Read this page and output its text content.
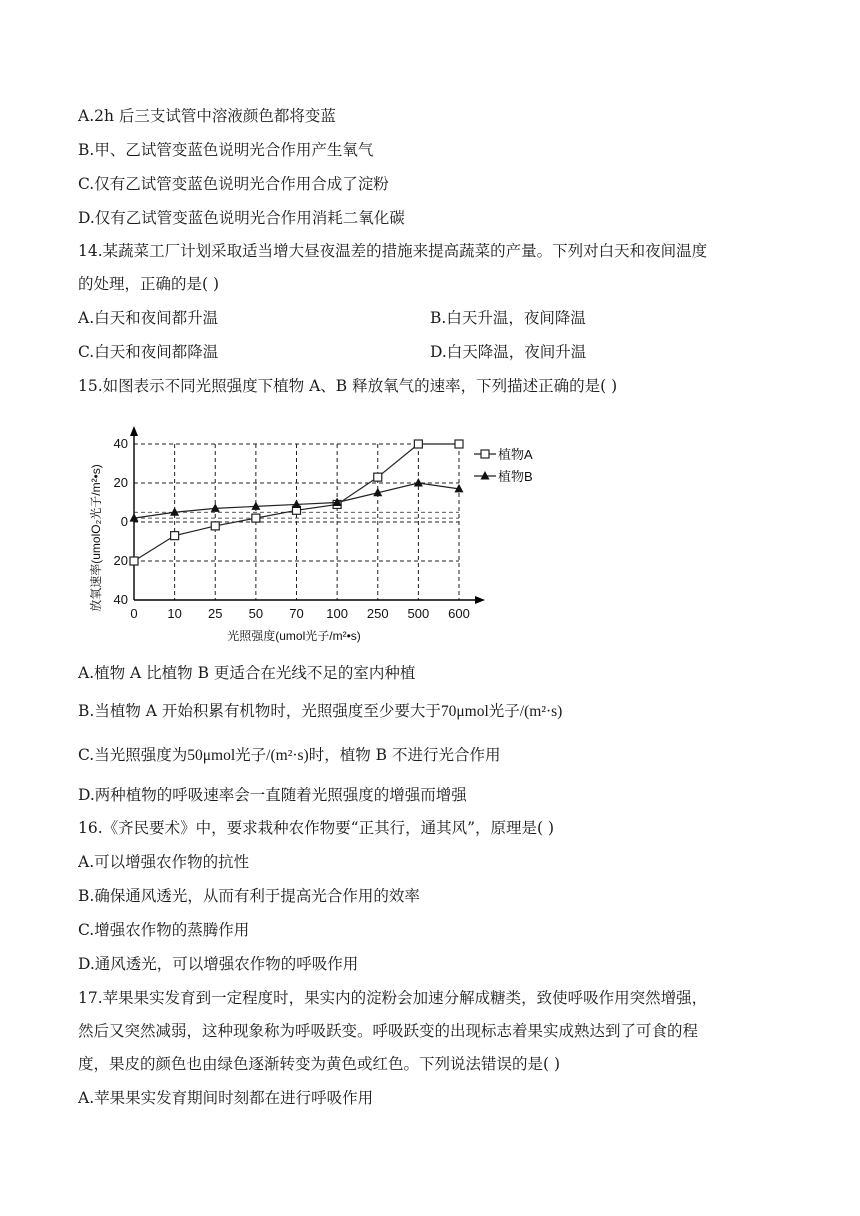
A.2h 后三支试管中溶液颜色都将变蓝
B.甲、乙试管变蓝色说明光合作用产生氧气
C.仅有乙试管变蓝色说明光合作用合成了淀粉
D.仅有乙试管变蓝色说明光合作用消耗二氧化碳
14.某蔬菜工厂计划采取适当增大昼夜温差的措施来提高蔬菜的产量。下列对白天和夜间温度
的处理，正确的是( )
A.白天和夜间都升温	B.白天升温，夜间降温
C.白天和夜间都降温	D.白天降温，夜间升温
15.如图表示不同光照强度下植物 A、B 释放氧气的速率，下列描述正确的是( )
放氧速率(umolO₂光子/m²•s)
40
20
0
20
40
0 10 25 50 70 100 250 500 600
植物A
植物B
光照强度(umol光子/m²•s)
A.植物 A 比植物 B 更适合在光线不足的室内种植
B.当植物 A 开始积累有机物时，光照强度至少要大于70μmol光子/(m²·s)
C.当光照强度为50μmol光子/(m²·s)时，植物 B 不进行光合作用
D.两种植物的呼吸速率会一直随着光照强度的增强而增强
16.《齐民要术》中，要求栽种农作物要“正其行，通其风”，原理是( )
A.可以增强农作物的抗性
B.确保通风透光，从而有利于提高光合作用的效率
C.增强农作物的蒸腾作用
D.通风透光，可以增强农作物的呼吸作用
17.苹果果实发育到一定程度时，果实内的淀粉会加速分解成糖类，致使呼吸作用突然增强，
然后又突然减弱，这种现象称为呼吸跃变。呼吸跃变的出现标志着果实成熟达到了可食的程
度，果皮的颜色也由绿色逐渐转变为黄色或红色。下列说法错误的是( )
A.苹果果实发育期间时刻都在进行呼吸作用
